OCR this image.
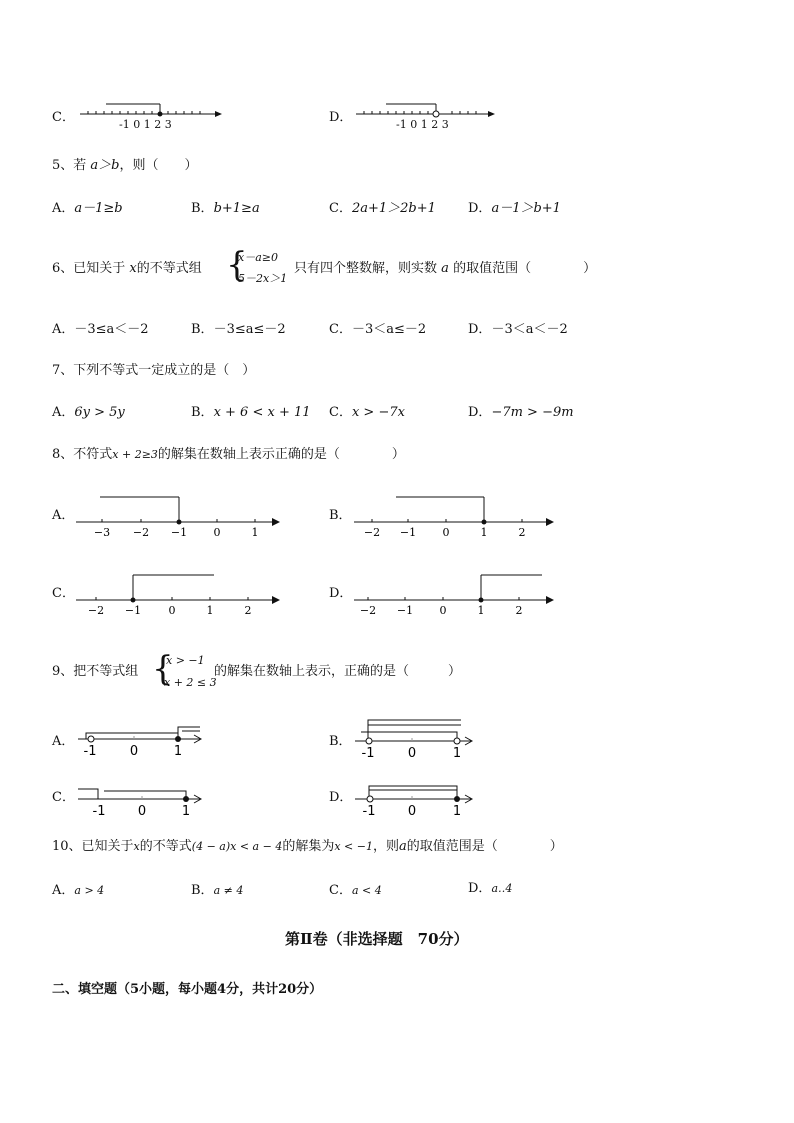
C．	-1 0 1 2 3	D．	-1 0 1 2 3
5、若 a＞b，则（　　）
A．a－1≥b	B．b+1≥a	C．2a+1＞2b+1 D．a－1＞b+1
6、已知关于 x的不等式组 {
x－a≥0
5－2x＞1
只有四个整数解，则实数 a 的取值范围（　　　　）
A．－3≤a＜－2	B．－3≤a≤－2	C．－3＜a≤－2	D．－3＜a＜－2
7、下列不等式一定成立的是（　）
A．6y > 5y	B．x + 6 < x + 11 C．x > −7x	D．−7m > −9m
8、不符式x + 2≥3的解集在数轴上表示正确的是（　　　　）
A．
−3 −2 −1 0	1
B．
−2 −1 0	1	2
C．
−2 −1 0	1	2
D．
−2 −1 0	1	2
9、把不等式组 {
x > −1
x + 2 ≤ 3
的解集在数轴上表示，正确的是（　　　）
A．
-1	0	1
B．
-1	0	1
C．
-1 0	1
D．
-1 0	1
10、已知关于x的不等式(4 − a)x < a − 4的解集为x < −1，则a的取值范围是（　　　　）
A．a > 4	B．a ≠ 4	C．a < 4	D．a‥4
第Ⅱ卷（非选择题　70分）
二、填空题（5小题，每小题4分，共计20分）
